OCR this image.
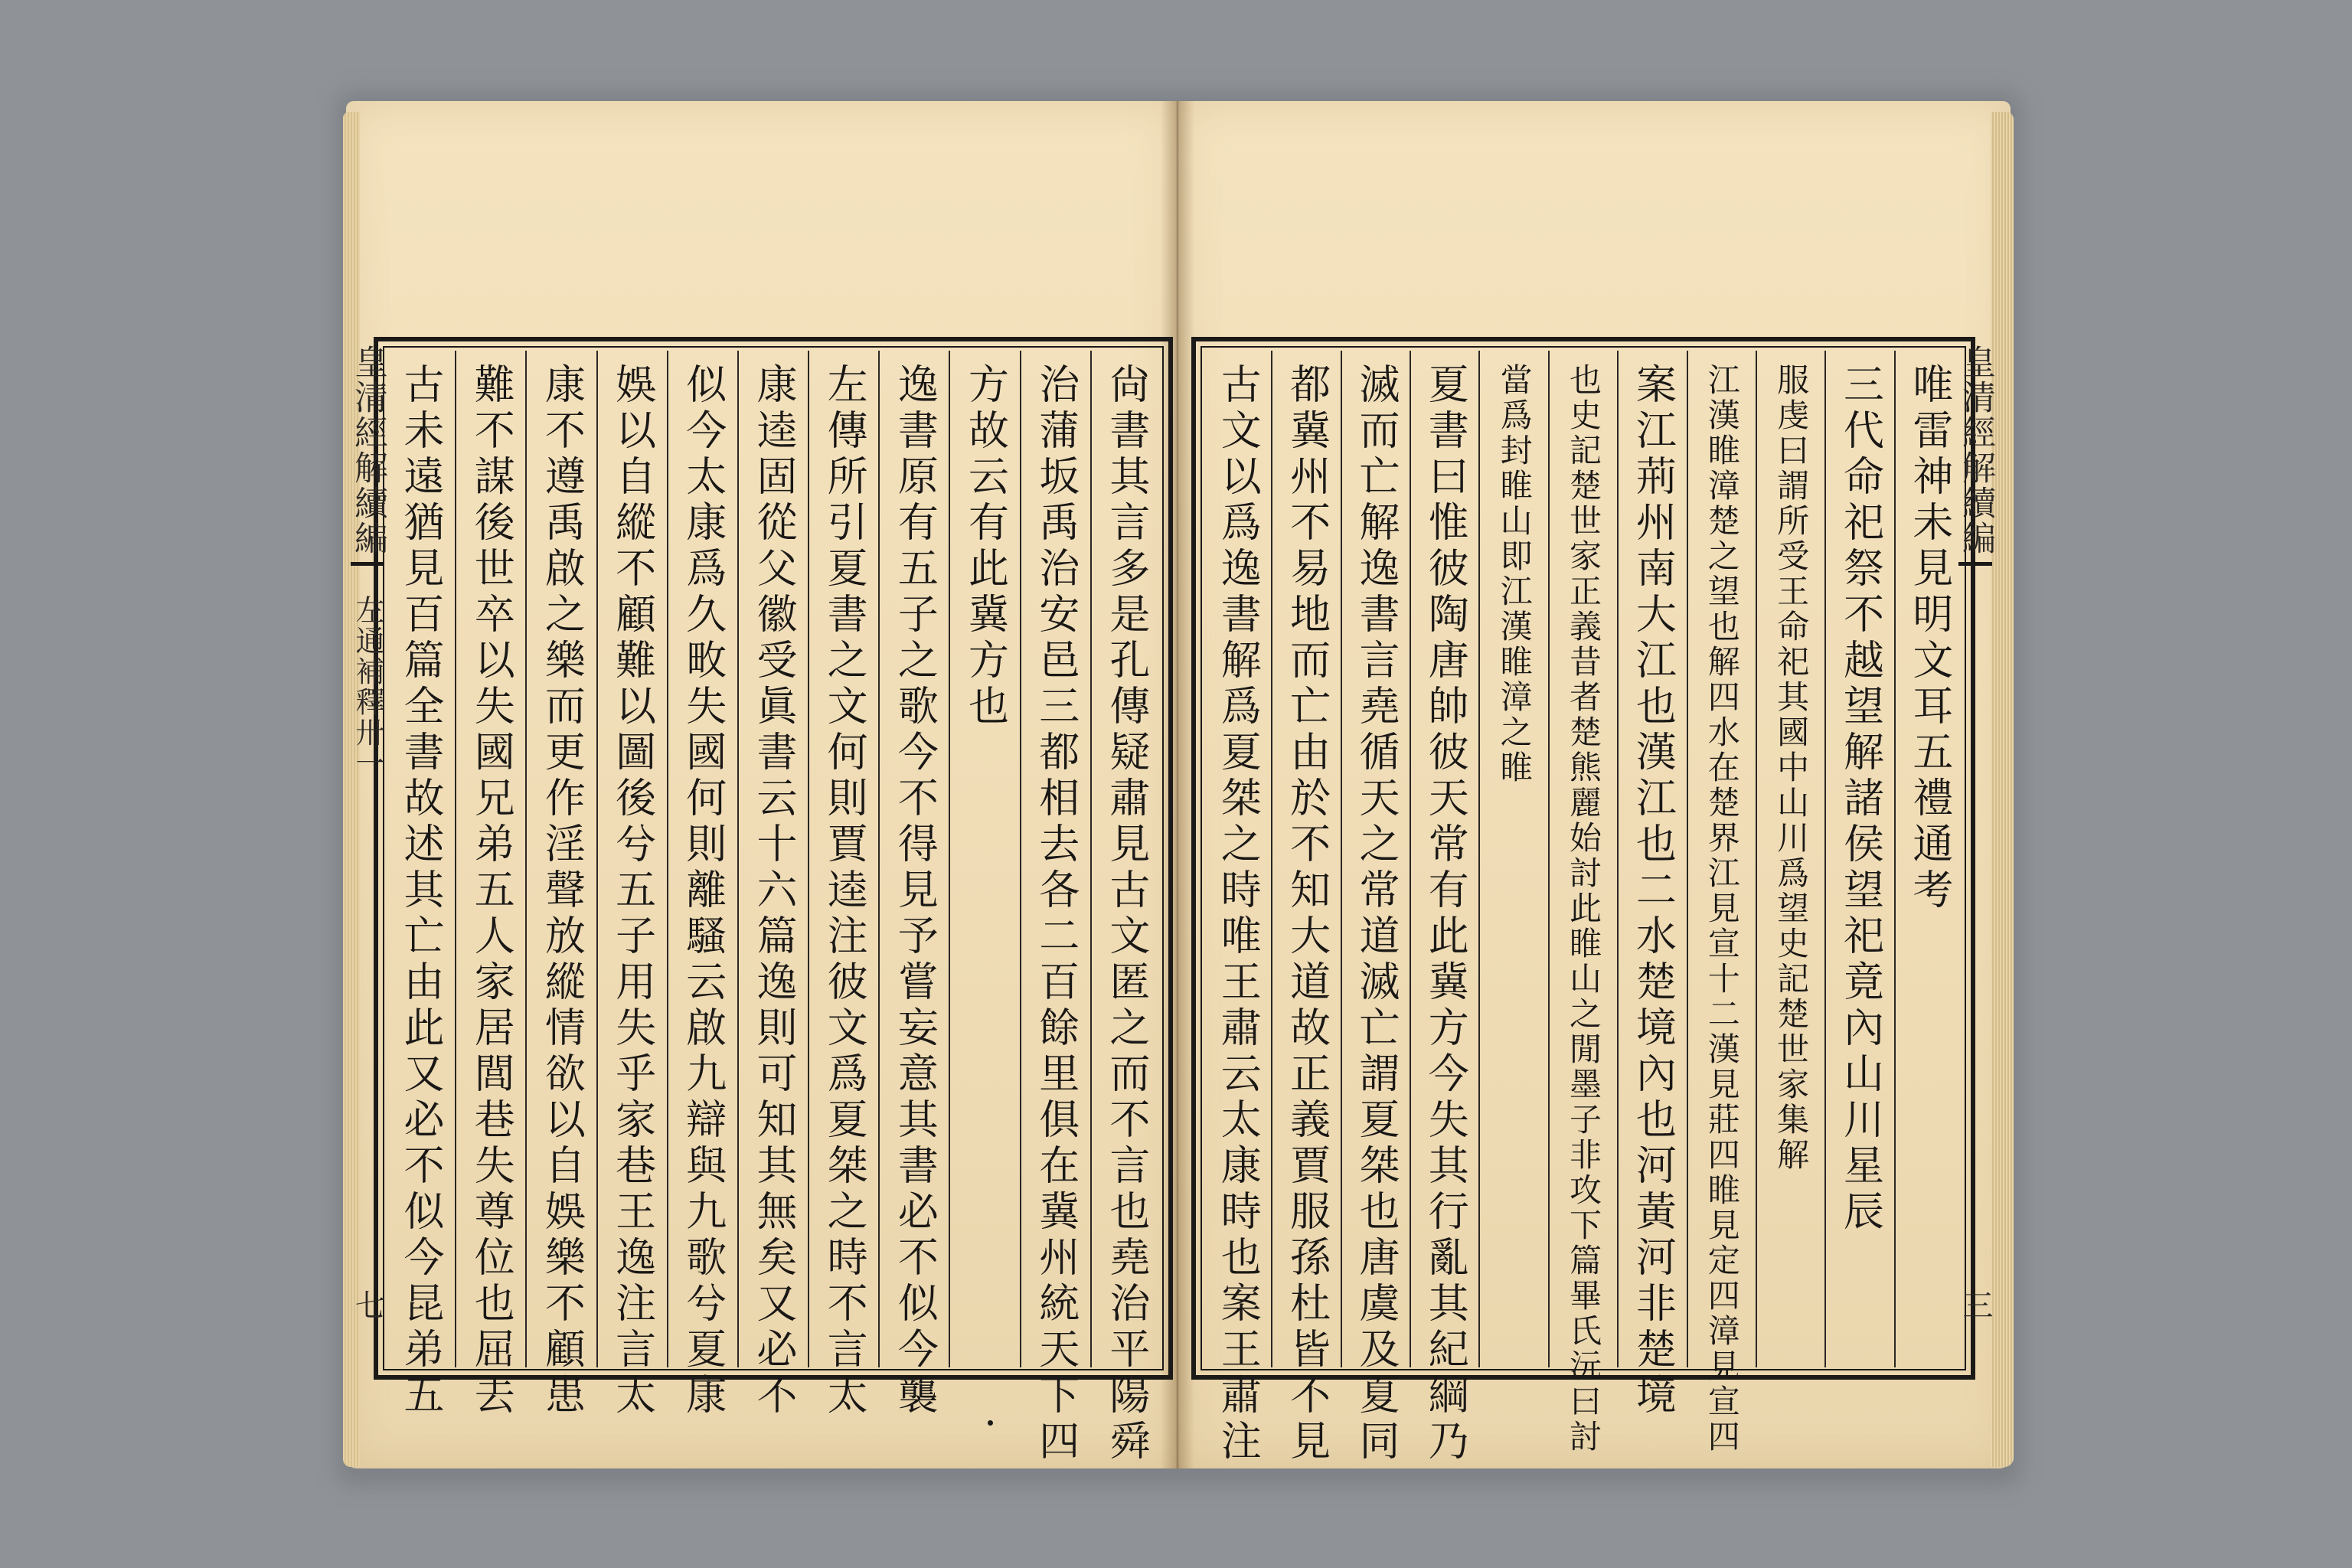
尙書其言多是孔傳疑肅見古文匿之而不言也堯治平陽舜
治蒲坂禹治安邑三都相去各二百餘里俱在冀州統天下四
方故云有此冀方也
逸書原有五子之歌今不得見予嘗妄意其書必不似今襲
左傳所引夏書之文何則賈逵注彼文爲夏桀之時不言太
康逵固從父徽受眞書云十六篇逸則可知其無矣又必不
似今太康爲久畋失國何則離騷云啟九辯與九歌兮夏康
娛以自縱不顧難以圖後兮五子用失乎家巷王逸注言太
康不遵禹啟之樂而更作淫聲放縱情欲以自娛樂不顧患
難不謀後世卒以失國兄弟五人家居閭巷失尊位也屈去
古未遠猶見百篇全書故述其亡由此又必不似今昆弟五
皇清經解續編
左通補釋卅一
七
唯雷神未見明文耳五禮通考
三代命祀祭不越望解諸侯望祀竟內山川星辰
服虔曰謂所受王命祀其國中山川爲望史記楚世家集解
江漢睢漳楚之望也解四水在楚界江見宣十二漢見莊四睢見定四漳見宣四
案江荊州南大江也漢江也二水楚境內也河黃河非楚境
也史記楚世家正義昔者楚熊麗始討此睢山之閒墨子非攻下篇畢氏沅曰討
當爲封睢山即江漢睢漳之睢
夏書曰惟彼陶唐帥彼天常有此冀方今失其行亂其紀綱乃
滅而亡解逸書言堯循天之常道滅亡謂夏桀也唐虞及夏同
都冀州不易地而亡由於不知大道故正義賈服孫杜皆不見
古文以爲逸書解爲夏桀之時唯王肅云太康時也案王肅注	皇清經解續編
三
